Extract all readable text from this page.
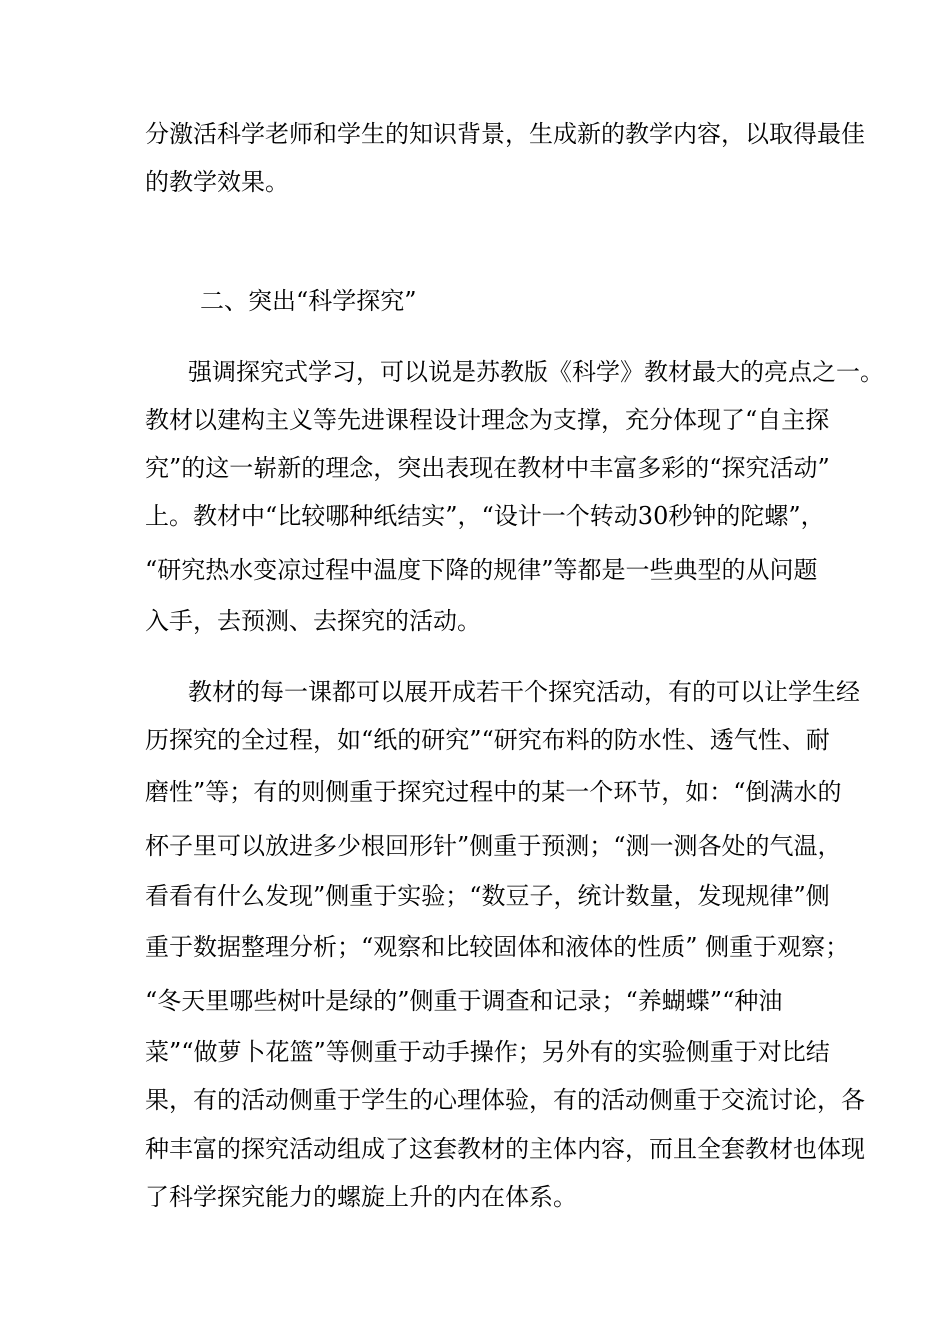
分激活科学老师和学生的知识背景，生成新的教学内容，以取得最佳
的教学效果。
二、突出“科学探究”
强调探究式学习，可以说是苏教版《科学》教材最大的亮点之一。
教材以建构主义等先进课程设计理念为支撑，充分体现了“自主探
究”的这一崭新的理念，突出表现在教材中丰富多彩的“探究活动”
上。教材中“比较哪种纸结实”，“设计一个转动30秒钟的陀螺”，
“研究热水变凉过程中温度下降的规律”等都是一些典型的从问题
入手，去预测、去探究的活动。
教材的每一课都可以展开成若干个探究活动，有的可以让学生经
历探究的全过程，如“纸的研究”“研究布料的防水性、透气性、耐
磨性”等；有的则侧重于探究过程中的某一个环节，如：“倒满水的
杯子里可以放进多少根回形针”侧重于预测；“测一测各处的气温，
看看有什么发现”侧重于实验；“数豆子，统计数量，发现规律”侧
重于数据整理分析；“观察和比较固体和液体的性质” 侧重于观察；
“冬天里哪些树叶是绿的”侧重于调查和记录；“养蝴蝶”“种油
菜”“做萝卜花篮”等侧重于动手操作；另外有的实验侧重于对比结
果，有的活动侧重于学生的心理体验，有的活动侧重于交流讨论，各
种丰富的探究活动组成了这套教材的主体内容，而且全套教材也体现
了科学探究能力的螺旋上升的内在体系。
